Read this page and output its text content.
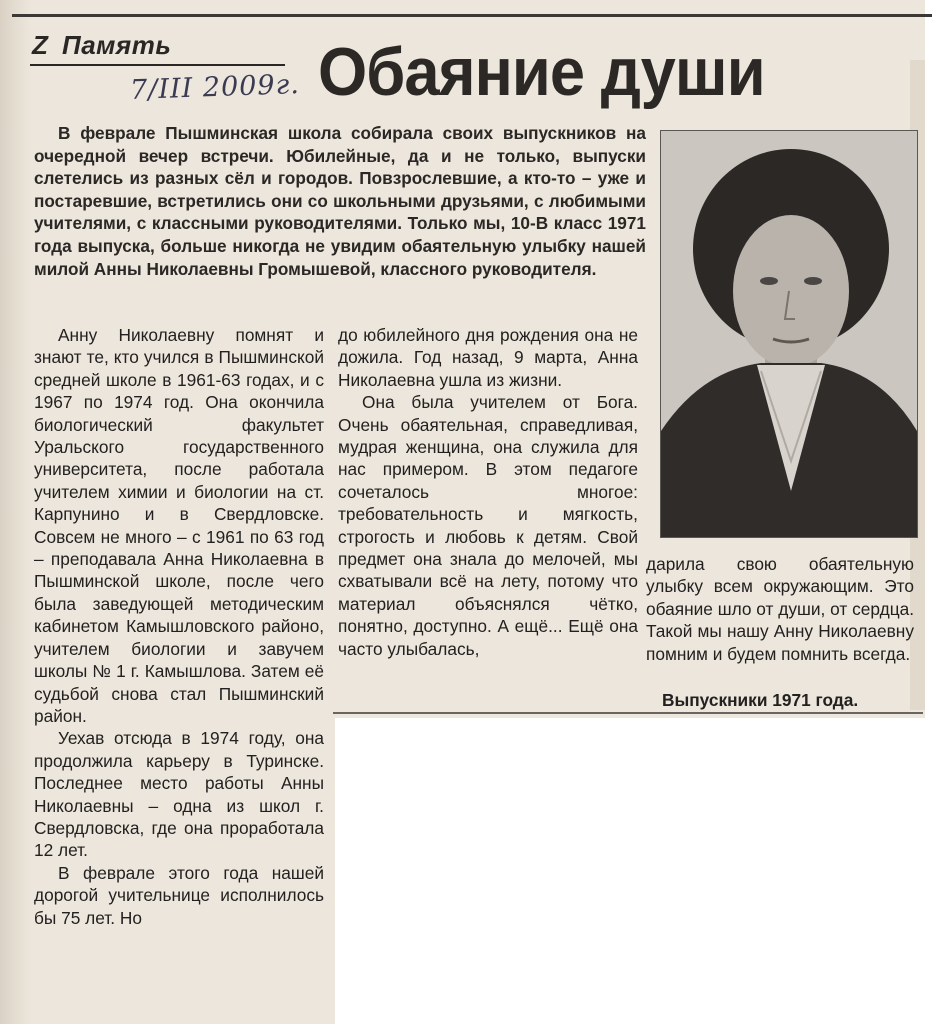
Z Память
7/III 2009г. Обаяние души
В феврале Пышминская школа собирала своих выпускников на очередной вечер встречи. Юбилейные, да и не только, выпуски слетелись из разных сёл и городов. Повзрослевшие, а кто-то – уже и постаревшие, встретились они со школьными друзьями, с любимыми учителями, с классными руководителями. Только мы, 10-В класс 1971 года выпуска, больше никогда не увидим обаятельную улыбку нашей милой Анны Николаевны Громышевой, классного руководителя.

Анну Николаевну помнят и знают те, кто учился в Пышминской средней школе в 1961-63 годах, и с 1967 по 1974 год. Она окончила биологический факультет Уральского государственного университета, после работала учителем химии и биологии на ст. Карпунино и в Свердловске. Совсем не много – с 1961 по 63 год – преподавала Анна Николаевна в Пышминской школе, после чего была заведующей методическим кабинетом Камышловского районо, учителем биологии и завучем школы № 1 г. Камышлова. Затем её судьбой снова стал Пышминский район.

Уехав отсюда в 1974 году, она продолжила карьеру в Туринске. Последнее место работы Анны Николаевны – одна из школ г. Свердловска, где она проработала 12 лет.

В феврале этого года нашей дорогой учительнице исполнилось бы 75 лет. Но

до юбилейного дня рождения она не дожила. Год назад, 9 марта, Анна Николаевна ушла из жизни.

Она была учителем от Бога. Очень обаятельная, справедливая, мудрая женщина, она служила для нас примером. В этом педагоге сочеталось многое: требовательность и мягкость, строгость и любовь к детям. Свой предмет она знала до мелочей, мы схватывали всё на лету, потому что материал объяснялся чётко, понятно, доступно. А ещё... Ещё она часто улыбалась,

дарила свою обаятельную улыбку всем окружающим. Это обаяние шло от души, от сердца. Такой мы нашу Анну Николаевну помним и будем помнить всегда.

Выпускники 1971 года.
